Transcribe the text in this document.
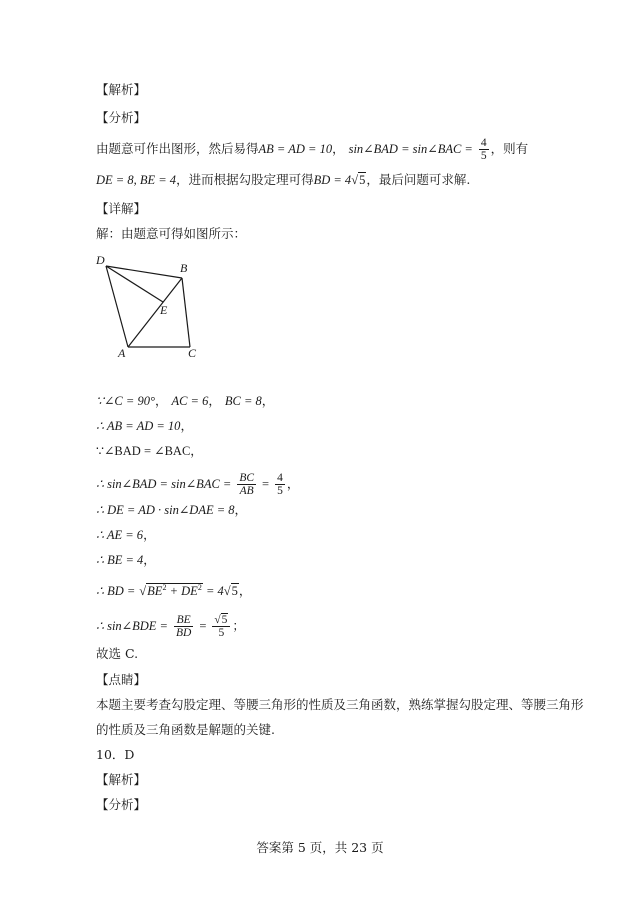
【解析】
【分析】
由题意可作出图形，然后易得AB = AD = 10， sin∠BAD = sin∠BAC = $\frac{4}{5}$ ，则有
DE = 8, BE = 4，进而根据勾股定理可得BD = 4√5，最后问题可求解.
【详解】
解：由题意可得如图所示：
D
B
E
A	C
∵∠C = 90°， AC = 6， BC = 8，
∴ AB = AD = 10，
∵∠BAD = ∠BAC，
∴ sin∠BAD = sin∠BAC = $\frac{BC}{AB} = \frac{4}{5}$ ，
∴ DE = AD · sin∠DAE = 8，
∴ AE = 6，
∴ BE = 4，
∴ BD = $√BE^2 + DE^2 = 4√5$，
∴ sin∠BDE = $\frac{BE}{BD} = \frac{√5}{5}$ ；
故选 C.
【点睛】
本题主要考查勾股定理、等腰三角形的性质及三角函数，熟练掌握勾股定理、等腰三角形
的性质及三角函数是解题的关键.
10．D
【解析】
【分析】
答案第 5 页，共 23 页
